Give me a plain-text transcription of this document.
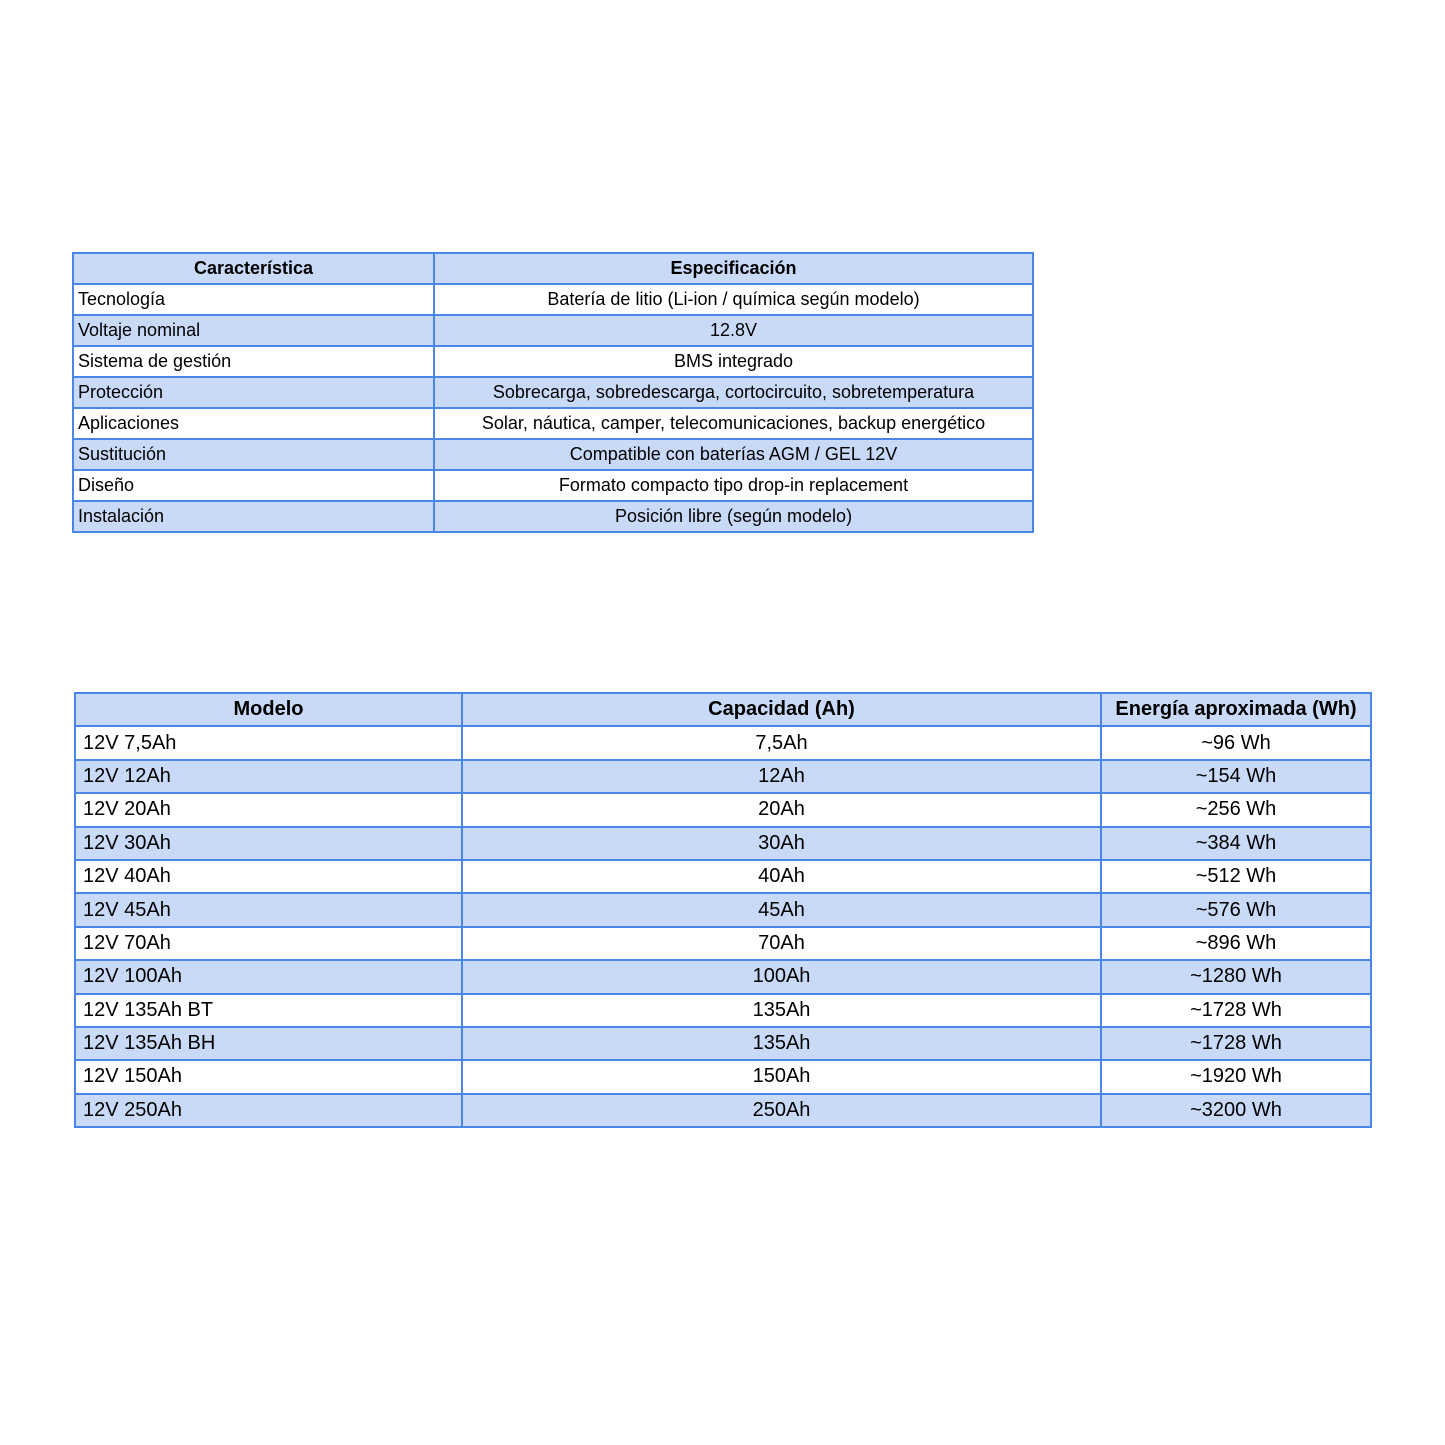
Característica	Especificación
Tecnología	Batería de litio (Li-ion / química según modelo)
Voltaje nominal	12.8V
Sistema de gestión	BMS integrado
Protección	Sobrecarga, sobredescarga, cortocircuito, sobretemperatura
Aplicaciones	Solar, náutica, camper, telecomunicaciones, backup energético
Sustitución	Compatible con baterías AGM / GEL 12V
Diseño	Formato compacto tipo drop-in replacement
Instalación	Posición libre (según modelo)
Modelo	Capacidad (Ah)	Energía aproximada (Wh)
12V 7,5Ah	7,5Ah	~96 Wh
12V 12Ah	12Ah	~154 Wh
12V 20Ah	20Ah	~256 Wh
12V 30Ah	30Ah	~384 Wh
12V 40Ah	40Ah	~512 Wh
12V 45Ah	45Ah	~576 Wh
12V 70Ah	70Ah	~896 Wh
12V 100Ah	100Ah	~1280 Wh
12V 135Ah BT	135Ah	~1728 Wh
12V 135Ah BH	135Ah	~1728 Wh
12V 150Ah	150Ah	~1920 Wh
12V 250Ah	250Ah	~3200 Wh
